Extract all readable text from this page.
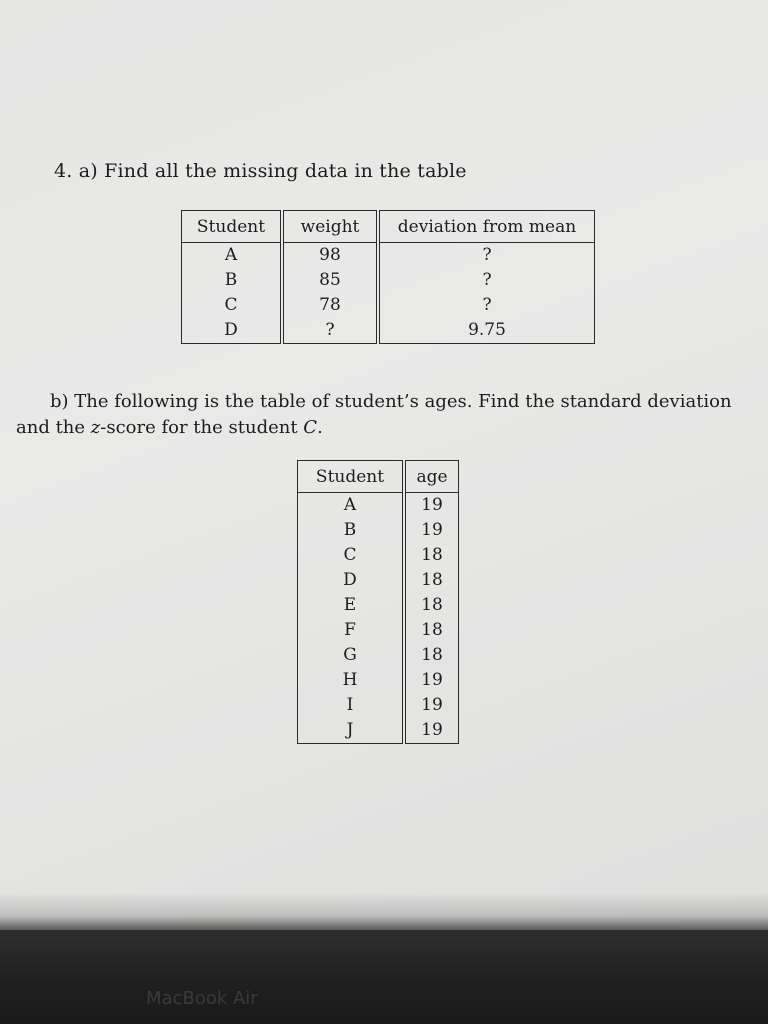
4. a) Find all the missing data in the table
Student	weight	deviation from mean
A	98	?
B	85	?
C	78	?
D	?	9.75
b) The following is the table of student’s ages. Find the standard deviation
and the z-score for the student C.
Student	age
A	19
B	19
C	18
D	18
E	18
F	18
G	18
H	19
I	19
J	19
MacBook Air
